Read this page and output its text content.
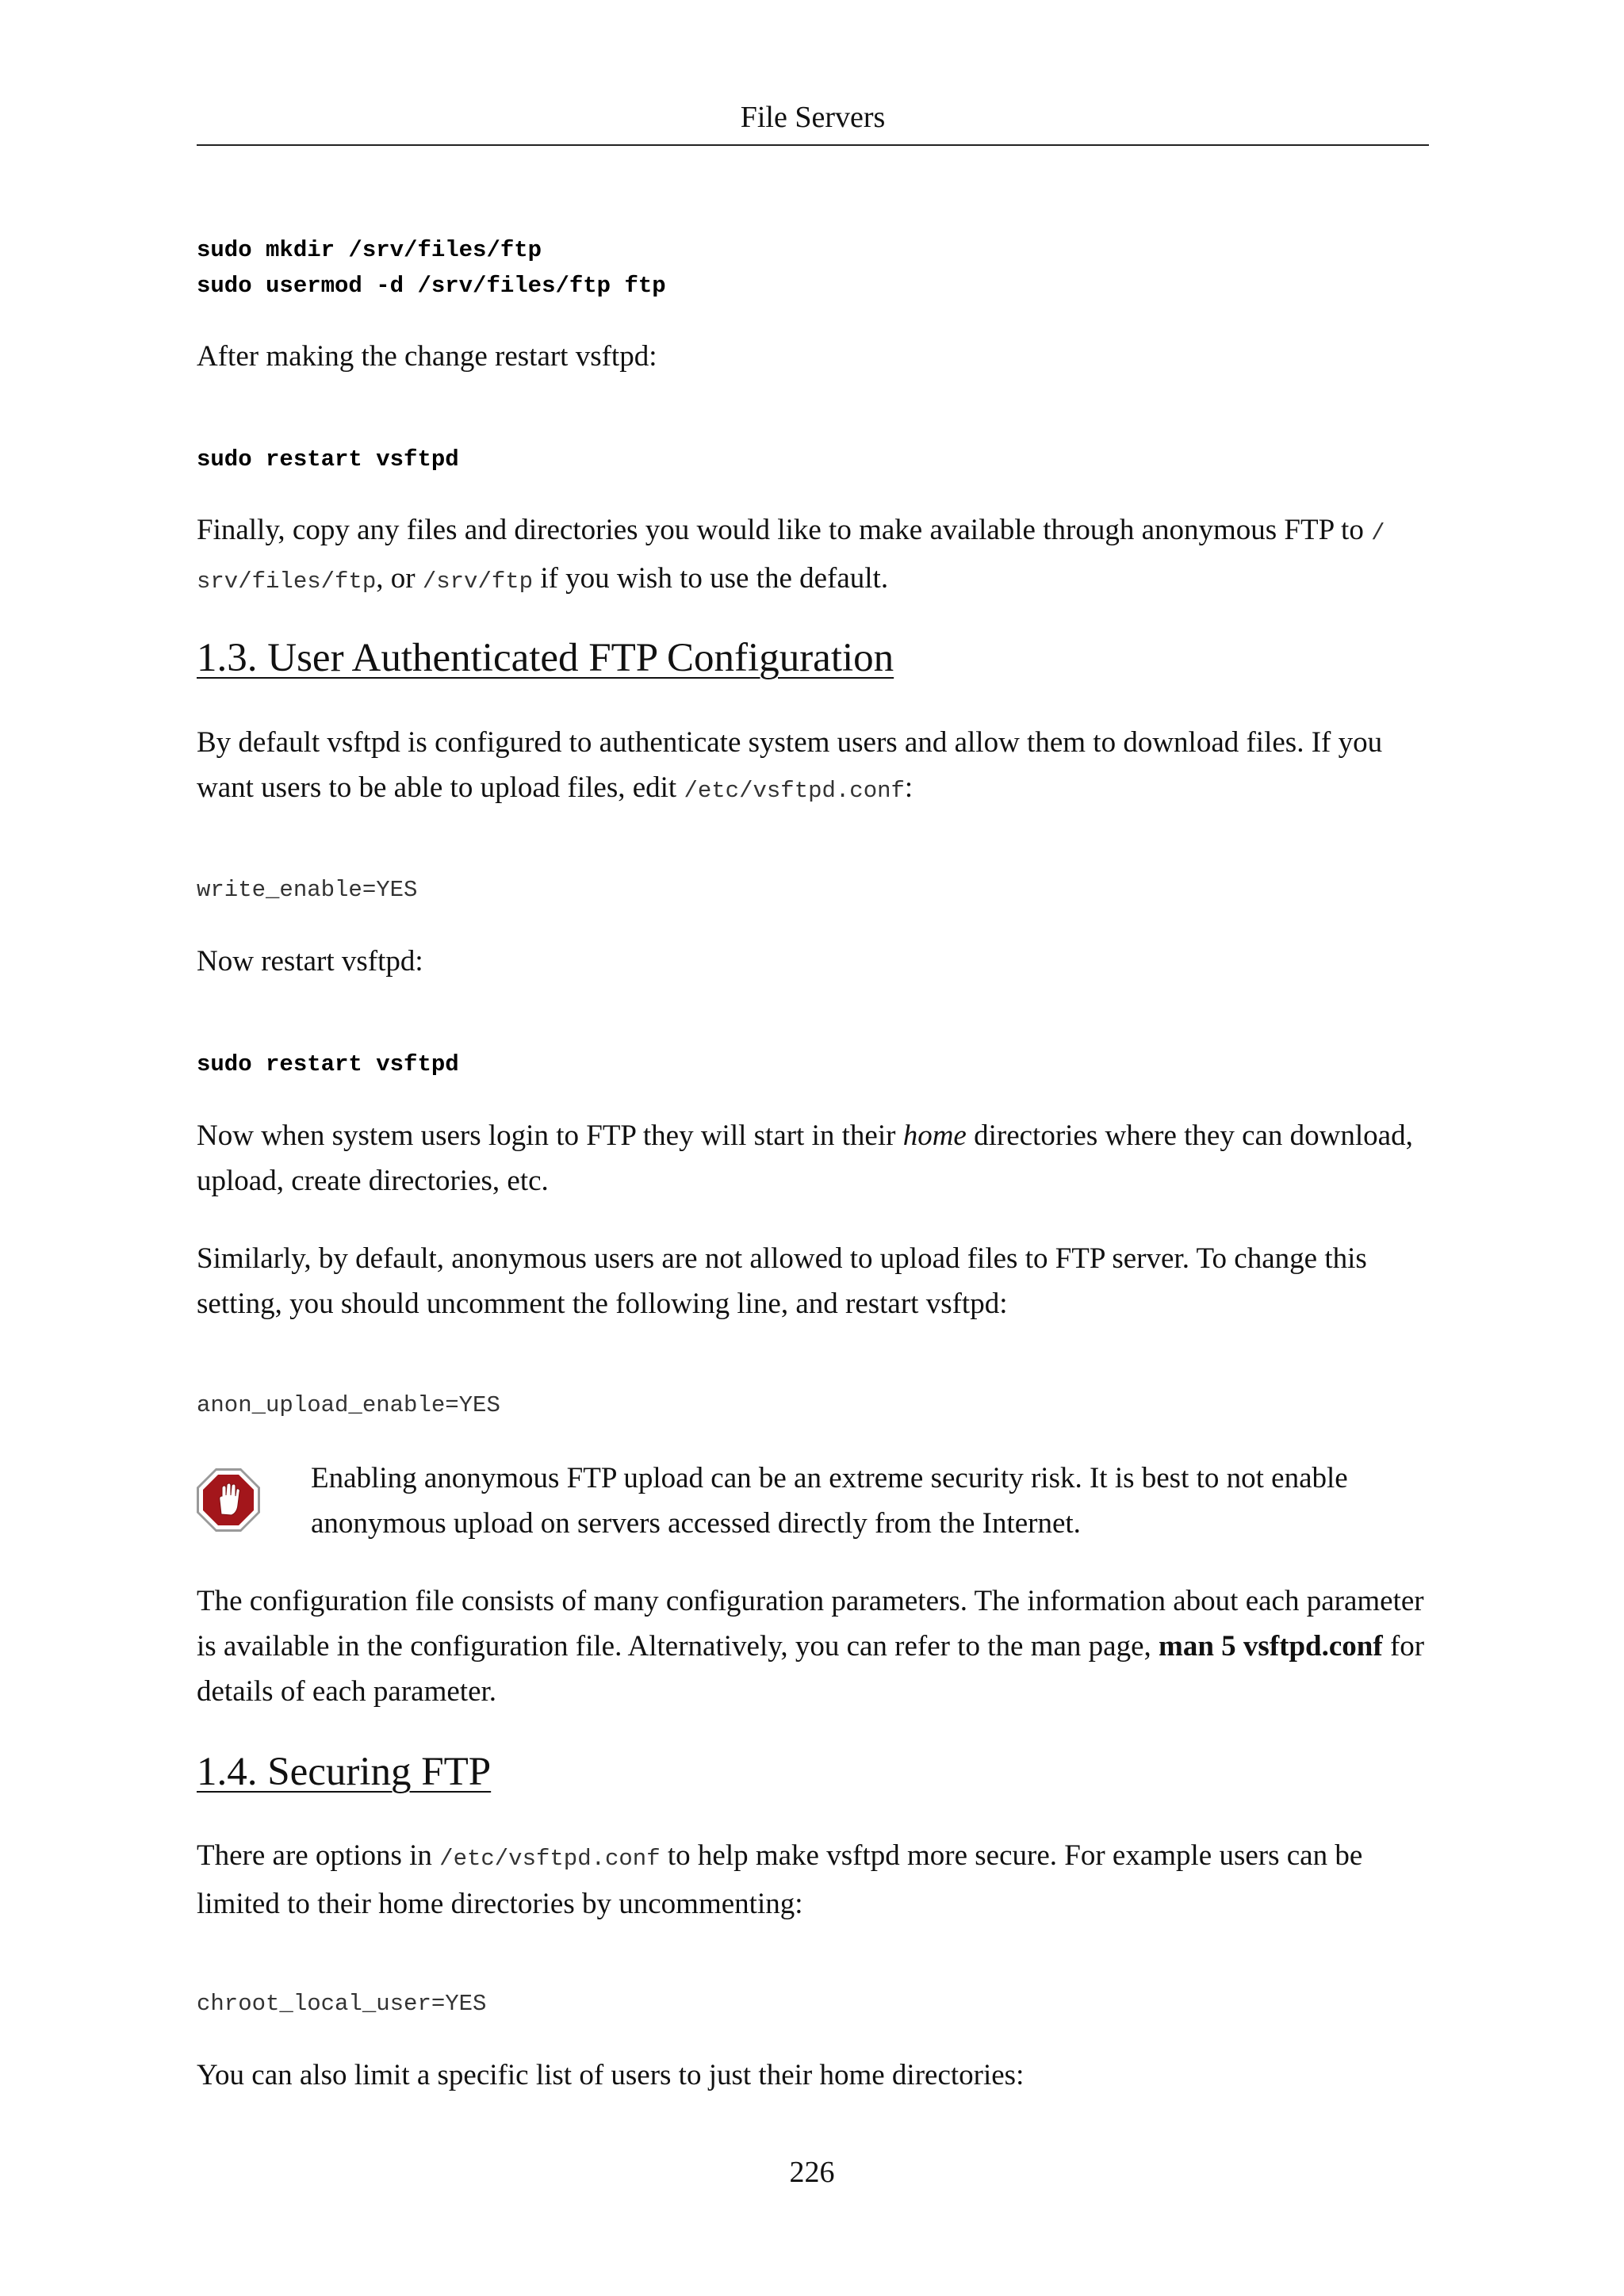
File Servers
sudo mkdir /srv/files/ftp
sudo usermod -d /srv/files/ftp ftp

After making the change restart vsftpd:

sudo restart vsftpd

Finally, copy any files and directories you would like to make available through anonymous FTP to /
srv/files/ftp, or /srv/ftp if you wish to use the default.

1.3. User Authenticated FTP Configuration

By default vsftpd is configured to authenticate system users and allow them to download files. If you want users to be able to upload files, edit /etc/vsftpd.conf:

write_enable=YES

Now restart vsftpd:

sudo restart vsftpd

Now when system users login to FTP they will start in their home directories where they can download, upload, create directories, etc.

Similarly, by default, anonymous users are not allowed to upload files to FTP server. To change this setting, you should uncomment the following line, and restart vsftpd:

anon_upload_enable=YES

Enabling anonymous FTP upload can be an extreme security risk. It is best to not enable anonymous upload on servers accessed directly from the Internet.

The configuration file consists of many configuration parameters. The information about each parameter is available in the configuration file. Alternatively, you can refer to the man page, man 5 vsftpd.conf for details of each parameter.

1.4. Securing FTP

There are options in /etc/vsftpd.conf to help make vsftpd more secure. For example users can be limited to their home directories by uncommenting:

chroot_local_user=YES

You can also limit a specific list of users to just their home directories:

226
